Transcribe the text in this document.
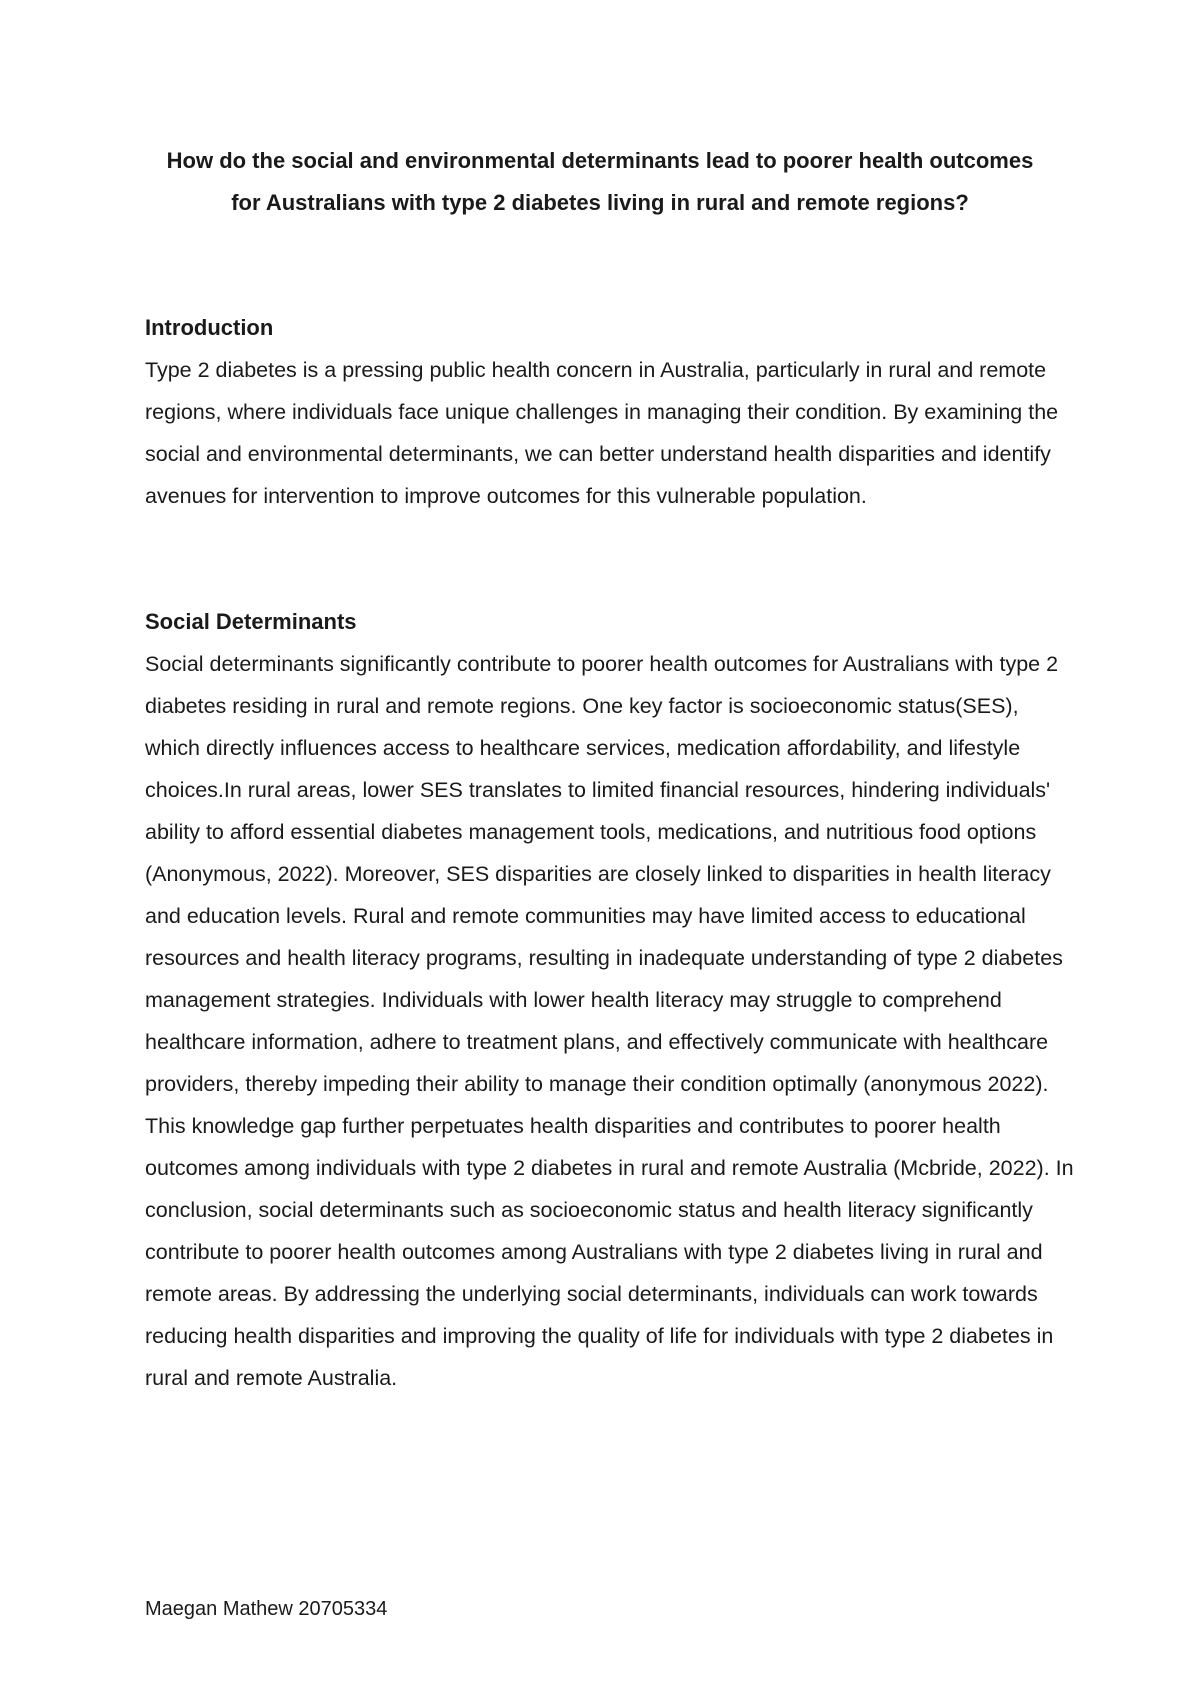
How do the social and environmental determinants lead to poorer health outcomes for Australians with type 2 diabetes living in rural and remote regions?
Introduction

Type 2 diabetes is a pressing public health concern in Australia, particularly in rural and remote regions, where individuals face unique challenges in managing their condition. By examining the social and environmental determinants, we can better understand health disparities and identify avenues for intervention to improve outcomes for this vulnerable population.

Social Determinants

Social determinants significantly contribute to poorer health outcomes for Australians with type 2 diabetes residing in rural and remote regions. One key factor is socioeconomic status(SES), which directly influences access to healthcare services, medication affordability, and lifestyle choices.In rural areas, lower SES translates to limited financial resources, hindering individuals' ability to afford essential diabetes management tools, medications, and nutritious food options (Anonymous, 2022). Moreover, SES disparities are closely linked to disparities in health literacy and education levels. Rural and remote communities may have limited access to educational resources and health literacy programs, resulting in inadequate understanding of type 2 diabetes management strategies. Individuals with lower health literacy may struggle to comprehend healthcare information, adhere to treatment plans, and effectively communicate with healthcare providers, thereby impeding their ability to manage their condition optimally (anonymous 2022). This knowledge gap further perpetuates health disparities and contributes to poorer health outcomes among individuals with type 2 diabetes in rural and remote Australia (Mcbride, 2022). In conclusion, social determinants such as socioeconomic status and health literacy significantly contribute to poorer health outcomes among Australians with type 2 diabetes living in rural and remote areas. By addressing the underlying social determinants, individuals can work towards reducing health disparities and improving the quality of life for individuals with type 2 diabetes in rural and remote Australia.

Maegan Mathew 20705334
